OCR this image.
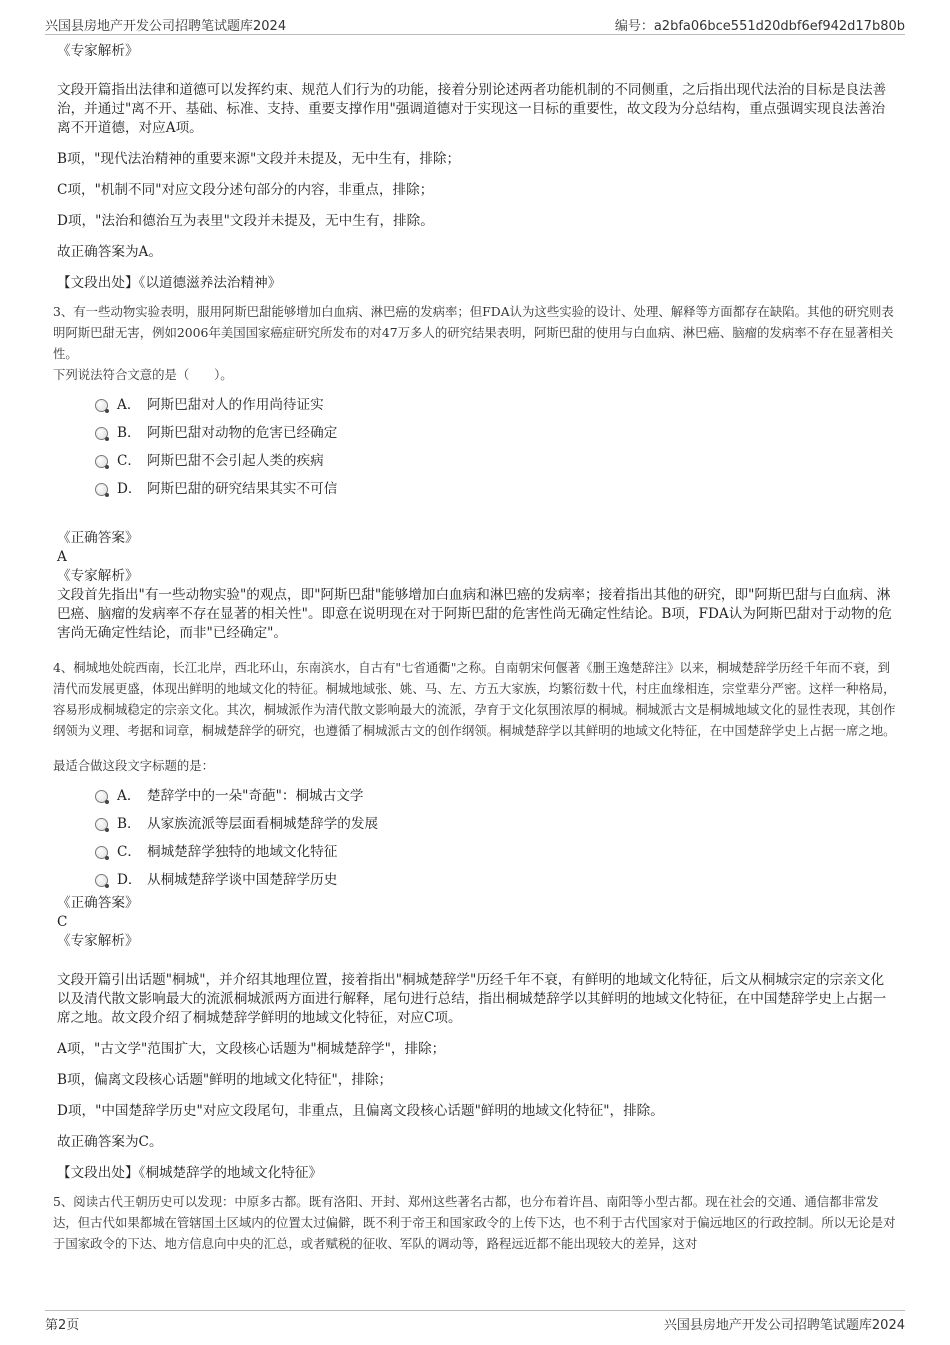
兴国县房地产开发公司招聘笔试题库2024	编号：a2bfa06bce551d20dbf6ef942d17b80b
《专家解析》

文段开篇指出法律和道德可以发挥约束、规范人们行为的功能，接着分别论述两者功能机制的不同侧重，之后指出现代法治的目标是良法善治，并通过"离不开、基础、标准、支持、重要支撑作用"强调道德对于实现这一目标的重要性，故文段为分总结构，重点强调实现良法善治离不开道德，对应A项。

B项，"现代法治精神的重要来源"文段并未提及，无中生有，排除；

C项，"机制不同"对应文段分述句部分的内容，非重点，排除；

D项，"法治和德治互为表里"文段并未提及，无中生有，排除。

故正确答案为A。

【文段出处】《以道德滋养法治精神》
3、有一些动物实验表明，服用阿斯巴甜能够增加白血病、淋巴癌的发病率；但FDA认为这些实验的设计、处理、解释等方面都存在缺陷。其他的研究则表明阿斯巴甜无害，例如2006年美国国家癌症研究所发布的对47万多人的研究结果表明，阿斯巴甜的使用与白血病、淋巴癌、脑瘤的发病率不存在显著相关性。
下列说法符合文意的是（　　）。
A． 阿斯巴甜对人的作用尚待证实
B． 阿斯巴甜对动物的危害已经确定
C． 阿斯巴甜不会引起人类的疾病
D． 阿斯巴甜的研究结果其实不可信
《正确答案》
A
《专家解析》
文段首先指出"有一些动物实验"的观点，即"阿斯巴甜"能够增加白血病和淋巴癌的发病率；接着指出其他的研究，即"阿斯巴甜与白血病、淋巴癌、脑瘤的发病率不存在显著的相关性"。即意在说明现在对于阿斯巴甜的危害性尚无确定性结论。B项，FDA认为阿斯巴甜对于动物的危害尚无确定性结论，而非"已经确定"。
4、桐城地处皖西南，长江北岸，西北环山，东南滨水，自古有"七省通衢"之称。自南朝宋何偃著《删王逸楚辞注》以来，桐城楚辞学历经千年而不衰，到清代而发展更盛，体现出鲜明的地域文化的特征。桐城地域张、姚、马、左、方五大家族，均繁衍数十代，村庄血缘相连，宗堂辈分严密。这样一种格局，容易形成桐城稳定的宗亲文化。其次，桐城派作为清代散文影响最大的流派，孕育于文化氛围浓厚的桐城。桐城派古文是桐城地域文化的显性表现，其创作纲领为义理、考据和词章，桐城楚辞学的研究，也遵循了桐城派古文的创作纲领。桐城楚辞学以其鲜明的地域文化特征，在中国楚辞学史上占据一席之地。
最适合做这段文字标题的是：
A． 楚辞学中的一朵"奇葩"：桐城古文学
B． 从家族流派等层面看桐城楚辞学的发展
C． 桐城楚辞学独特的地域文化特征
D． 从桐城楚辞学谈中国楚辞学历史
《正确答案》
C
《专家解析》

文段开篇引出话题"桐城"，并介绍其地理位置，接着指出"桐城楚辞学"历经千年不衰，有鲜明的地域文化特征，后文从桐城宗定的宗亲文化以及清代散文影响最大的流派桐城派两方面进行解释，尾句进行总结，指出桐城楚辞学以其鲜明的地域文化特征，在中国楚辞学史上占据一席之地。故文段介绍了桐城楚辞学鲜明的地域文化特征，对应C项。

A项，"古文学"范围扩大，文段核心话题为"桐城楚辞学"，排除；

B项，偏离文段核心话题"鲜明的地域文化特征"，排除；

D项，"中国楚辞学历史"对应文段尾句，非重点，且偏离文段核心话题"鲜明的地域文化特征"，排除。

故正确答案为C。

【文段出处】《桐城楚辞学的地域文化特征》
5、阅读古代王朝历史可以发现：中原多古都。既有洛阳、开封、郑州这些著名古都，也分布着许昌、南阳等小型古都。现在社会的交通、通信都非常发达，但古代如果都城在管辖国土区域内的位置太过偏僻，既不利于帝王和国家政令的上传下达，也不利于古代国家对于偏远地区的行政控制。所以无论是对于国家政令的下达、地方信息向中央的汇总，或者赋税的征收、军队的调动等，路程远近都不能出现较大的差异，这对
第2页	兴国县房地产开发公司招聘笔试题库2024
